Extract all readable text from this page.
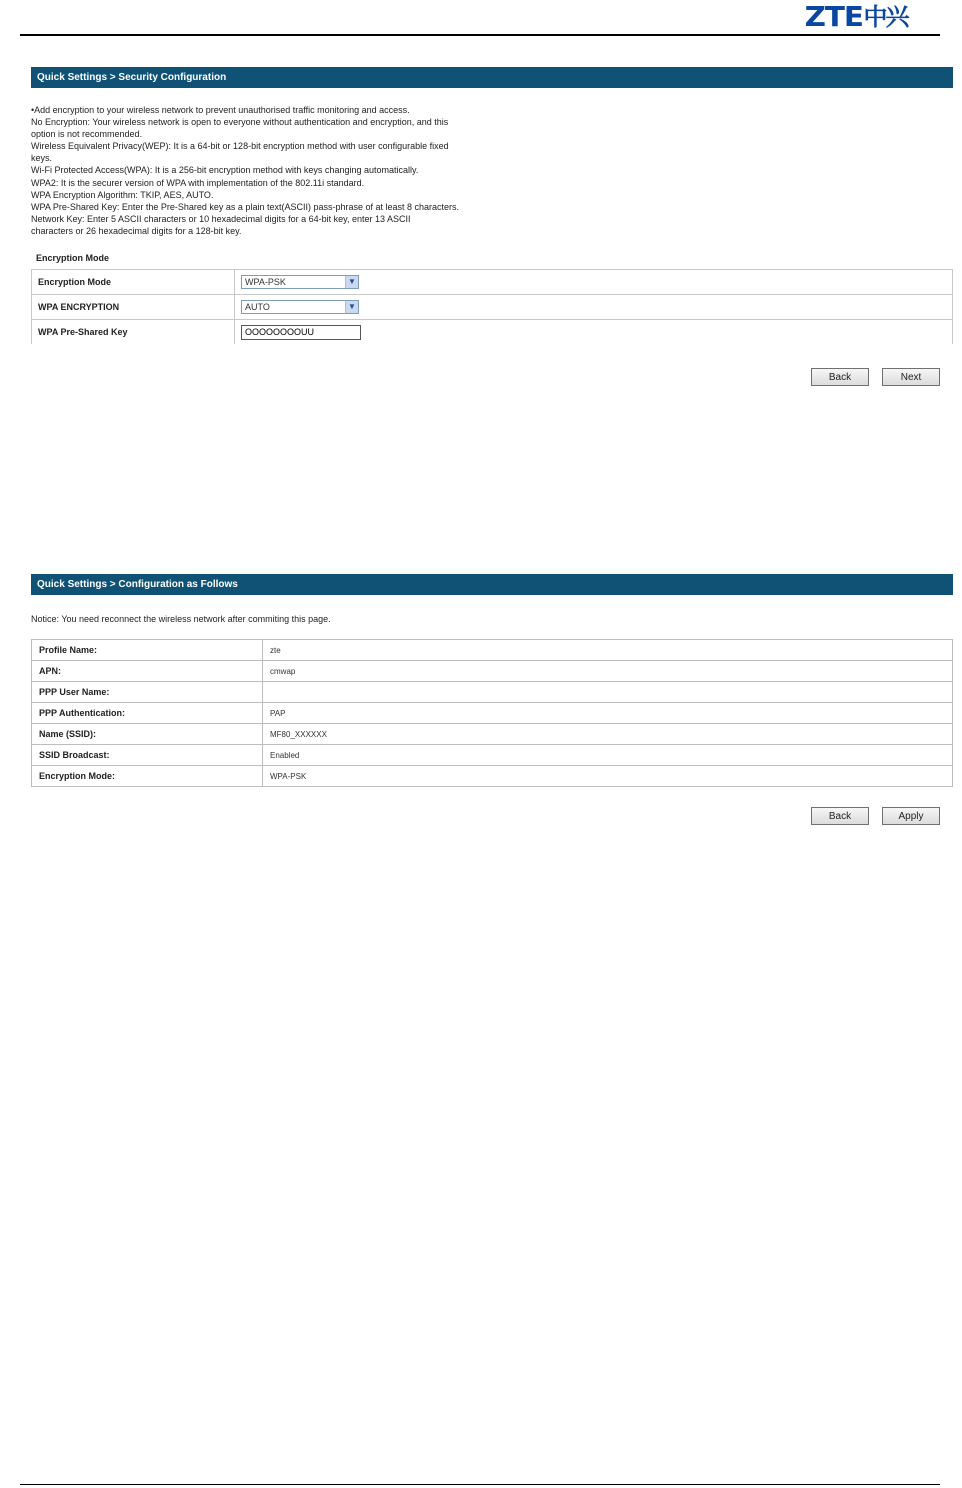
ZTE 中兴
Quick Settings > Security Configuration
•Add encryption to your wireless network to prevent unauthorised traffic monitoring and access.
No Encryption: Your wireless network is open to everyone without authentication and encryption, and this
option is not recommended.
Wireless Equivalent Privacy(WEP): It is a 64-bit or 128-bit encryption method with user configurable fixed
keys.
Wi-Fi Protected Access(WPA): It is a 256-bit encryption method with keys changing automatically.
WPA2: It is the securer version of WPA with implementation of the 802.11i standard.
WPA Encryption Algorithm: TKIP, AES, AUTO.
WPA Pre-Shared Key: Enter the Pre-Shared key as a plain text(ASCII) pass-phrase of at least 8 characters.
Network Key: Enter 5 ASCII characters or 10 hexadecimal digits for a 64-bit key, enter 13 ASCII
characters or 26 hexadecimal digits for a 128-bit key.
Encryption Mode
Encryption Mode	WPA-PSK ▼

WPA ENCRYPTION	AUTO ▼

WPA Pre-Shared Key	OOOOOOOOUU
Back	Next
Quick Settings > Configuration as Follows
Notice: You need reconnect the wireless network after commiting this page.
Profile Name:	zte
APN:	cmwap
PPP User Name:	
PPP Authentication:	PAP
Name (SSID):	MF80_XXXXXX
SSID Broadcast:	Enabled
Encryption Mode:	WPA-PSK
Back	Apply
